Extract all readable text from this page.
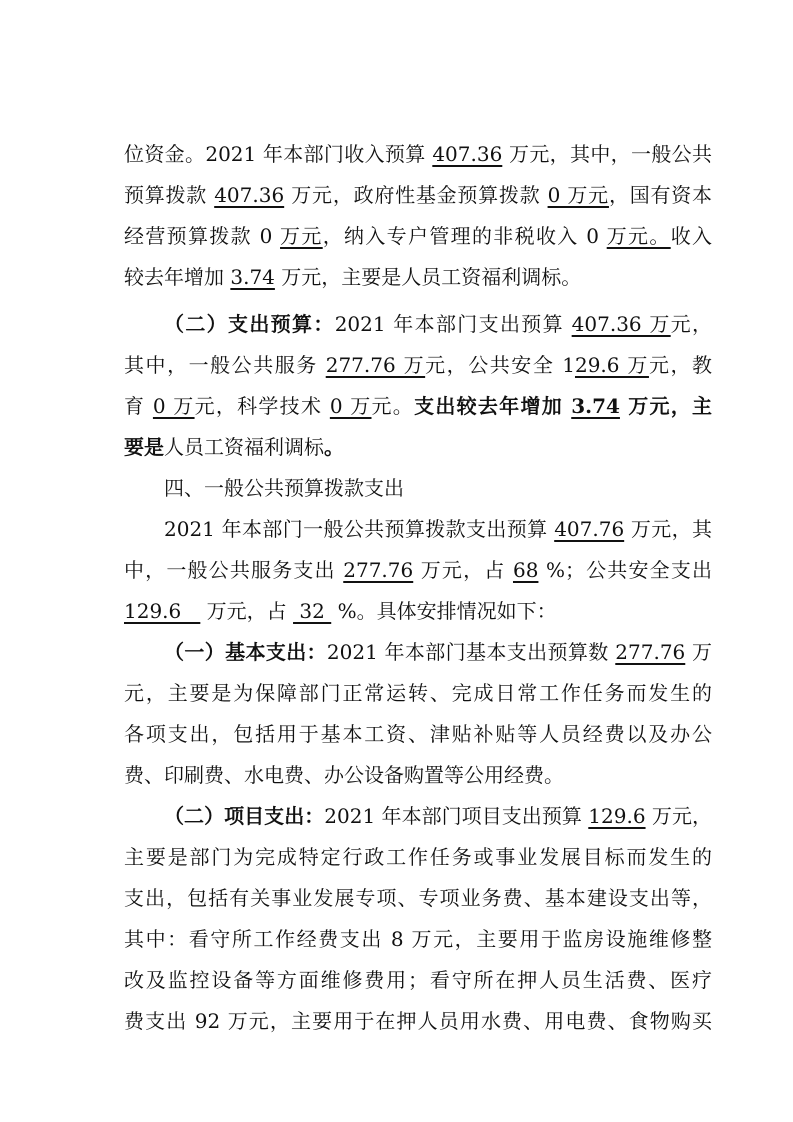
位资金。2021 年本部门收入预算 407.36 万元，其中，一般公共
预算拨款 407.36 万元，政府性基金预算拨款 0 万元，国有资本
经营预算拨款 0 万元，纳入专户管理的非税收入 0 万元。收入
较去年增加 3.74 万元，主要是人员工资福利调标。
（二）支出预算：2021 年本部门支出预算 407.36 万元，
其中，一般公共服务 277.76 万元，公共安全 129.6 万元，教
育 0 万元，科学技术 0 万元。支出较去年增加 3.74 万元，主
要是人员工资福利调标。
四、一般公共预算拨款支出
2021 年本部门一般公共预算拨款支出预算 407.76 万元，其
中，一般公共服务支出 277.76 万元，占 68 %；公共安全支出
129.6    万元，占  32  %。具体安排情况如下：
（一）基本支出：2021 年本部门基本支出预算数 277.76 万
元，主要是为保障部门正常运转、完成日常工作任务而发生的
各项支出，包括用于基本工资、津贴补贴等人员经费以及办公
费、印刷费、水电费、办公设备购置等公用经费。
（二）项目支出：2021 年本部门项目支出预算 129.6 万元，
主要是部门为完成特定行政工作任务或事业发展目标而发生的
支出，包括有关事业发展专项、专项业务费、基本建设支出等，
其中：看守所工作经费支出 8 万元，主要用于监房设施维修整
改及监控设备等方面维修费用；看守所在押人员生活费、医疗
费支出 92 万元，主要用于在押人员用水费、用电费、食物购买
